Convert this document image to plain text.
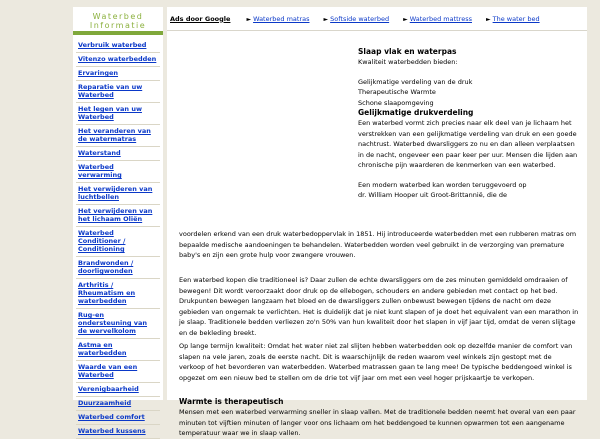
Waterbed
Informatie
Verbruik waterbed
Vitenzo waterbedden
Ervaringen
Reparatie van uw Waterbed
Het legen van uw Waterbed
Het veranderen van de watermatras
Waterstand
Waterbed verwarming
Het verwijderen van luchtbellen
Het verwijderen van het lichaam Oliën
Waterbed Conditioner / Conditioning
Brandwonden / doorligwonden
Arthritis / Rheumatism en waterbedden
Rug-en ondersteuning van de wervelkolom
Astma en waterbedden
Waarde van een Waterbed
Verenigbaarheid
Duurzaamheid
Waterbed comfort
Waterbed kussens
Ads door Google	► Waterbed matras ► Softside waterbed ► Waterbed mattress ► The water bed
Slaap vlak en waterpas

Kwaliteit waterbedden bieden:

Gelijkmatige verdeling van de druk

Therapeutische Warmte

Schone slaapomgeving

Gelijkmatige drukverdeling

Een waterbed vormt zich precies naar elk deel van je lichaam het verstrekken van een gelijkmatige verdeling van druk en een goede nachtrust. Waterbed dwarsliggers zo nu en dan alleen verplaatsen in de nacht, ongeveer een paar keer per uur. Mensen die lijden aan chronische pijn waarderen de kenmerken van een waterbed.

Een modern waterbed kan worden teruggevoerd op

dr. William Hooper uit Groot-Brittannië, die de

voordelen erkend van een druk waterbedoppervlak in 1851. Hij introduceerde waterbedden met een rubberen matras om bepaalde medische aandoeningen te behandelen. Waterbedden worden veel gebruikt in de verzorging van premature baby's en zijn een grote hulp voor zwangere vrouwen.

Een waterbed kopen die traditioneel is? Daar zullen de echte dwarsliggers om de zes minuten gemiddeld omdraaien of bewegen! Dit wordt veroorzaakt door druk op de ellebogen, schouders en andere gebieden met contact op het bed. Drukpunten bewegen langzaam het bloed en de dwarsliggers zullen onbewust bewegen tijdens de nacht om deze gebieden van ongemak te verlichten. Het is duidelijk dat je niet kunt slapen of je doet het equivalent van een marathon in je slaap. Traditionele bedden verliezen zo'n 50% van hun kwaliteit door het slapen in vijf jaar tijd, omdat de veren slijtage en de bekleding breekt.

Op lange termijn kwaliteit: Omdat het water niet zal slijten hebben waterbedden ook op dezelfde manier de comfort van slapen na vele jaren, zoals de eerste nacht. Dit is waarschijnlijk de reden waarom veel winkels zijn gestopt met de verkoop of het bevorderen van waterbedden. Waterbed matrassen gaan te lang mee! De typische beddengoed winkel is opgezet om een nieuw bed te stellen om de drie tot vijf jaar om met een veel hoger prijskaartje te verkopen.

Warmte is therapeutisch

Mensen met een waterbed verwarming sneller in slaap vallen. Met de traditionele bedden neemt het overal van een paar minuten tot vijftien minuten of langer voor ons lichaam om het beddengoed te kunnen opwarmen tot een aangename temperatuur waar we in slaap vallen.
